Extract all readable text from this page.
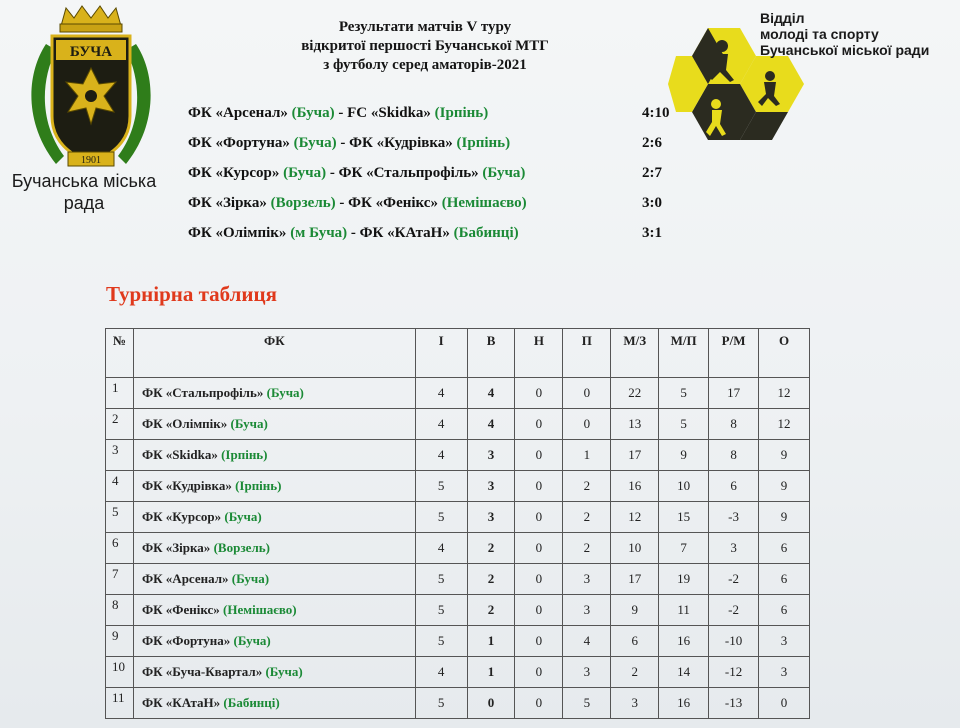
БУЧА
1901
Бучанська міська
рада
Результати матчів V туру
відкритої першості Бучанської МТГ
з футболу серед аматорів-2021
Відділ
молоді та спорту
Бучанської міської ради
ФК «Арсенал» (Буча) - FC «Skidka» (Ірпінь)	4:10
ФК «Фортуна» (Буча) - ФК «Кудрівка» (Ірпінь)	2:6
ФК «Курсор» (Буча) - ФК «Стальпрофіль» (Буча)	2:7
ФК «Зірка» (Ворзель) - ФК «Фенікс» (Немішаєво)	3:0
ФК «Олімпік» (м Буча) - ФК «КАтаН» (Бабинці)	3:1
Турнірна таблиця
№	ФК	І	В	Н	П	М/З	М/П	Р/М	О
1	ФК «Стальпрофіль» (Буча)	4	4	0	0	22	5	17	12
2	ФК «Олімпік» (Буча)	4	4	0	0	13	5	8	12
3	ФК «Skidka» (Ірпінь)	4	3	0	1	17	9	8	9
4	ФК «Кудрівка» (Ірпінь)	5	3	0	2	16	10	6	9
5	ФК «Курсор» (Буча)	5	3	0	2	12	15	-3	9
6	ФК «Зірка» (Ворзель)	4	2	0	2	10	7	3	6
7	ФК «Арсенал» (Буча)	5	2	0	3	17	19	-2	6
8	ФК «Фенікс» (Немішаєво)	5	2	0	3	9	11	-2	6
9	ФК «Фортуна» (Буча)	5	1	0	4	6	16	-10	3
10	ФК «Буча-Квартал» (Буча)	4	1	0	3	2	14	-12	3
11	ФК «КАтаН» (Бабинці)	5	0	0	5	3	16	-13	0
